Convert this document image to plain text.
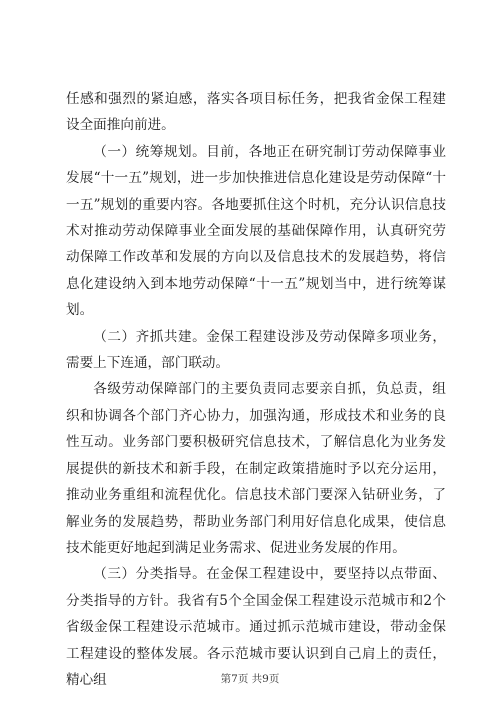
任感和强烈的紧迫感，落实各项目标任务，把我省金保工程建设全面推向前进。

（一）统筹规划。目前，各地正在研究制订劳动保障事业发展“十一五”规划，进一步加快推进信息化建设是劳动保障“十一五”规划的重要内容。各地要抓住这个时机，充分认识信息技术对推动劳动保障事业全面发展的基础保障作用，认真研究劳动保障工作改革和发展的方向以及信息技术的发展趋势，将信息化建设纳入到本地劳动保障“十一五”规划当中，进行统筹谋划。

（二）齐抓共建。金保工程建设涉及劳动保障多项业务，需要上下连通，部门联动。

各级劳动保障部门的主要负责同志要亲自抓，负总责，组织和协调各个部门齐心协力，加强沟通，形成技术和业务的良性互动。业务部门要积极研究信息技术，了解信息化为业务发展提供的新技术和新手段，在制定政策措施时予以充分运用，推动业务重组和流程优化。信息技术部门要深入钻研业务，了解业务的发展趋势，帮助业务部门利用好信息化成果，使信息技术能更好地起到满足业务需求、促进业务发展的作用。

（三）分类指导。在金保工程建设中，要坚持以点带面、分类指导的方针。我省有5个全国金保工程建设示范城市和2个省级金保工程建设示范城市。通过抓示范城市建设，带动金保工程建设的整体发展。各示范城市要认识到自己肩上的责任，精心组	第7页 共9页
